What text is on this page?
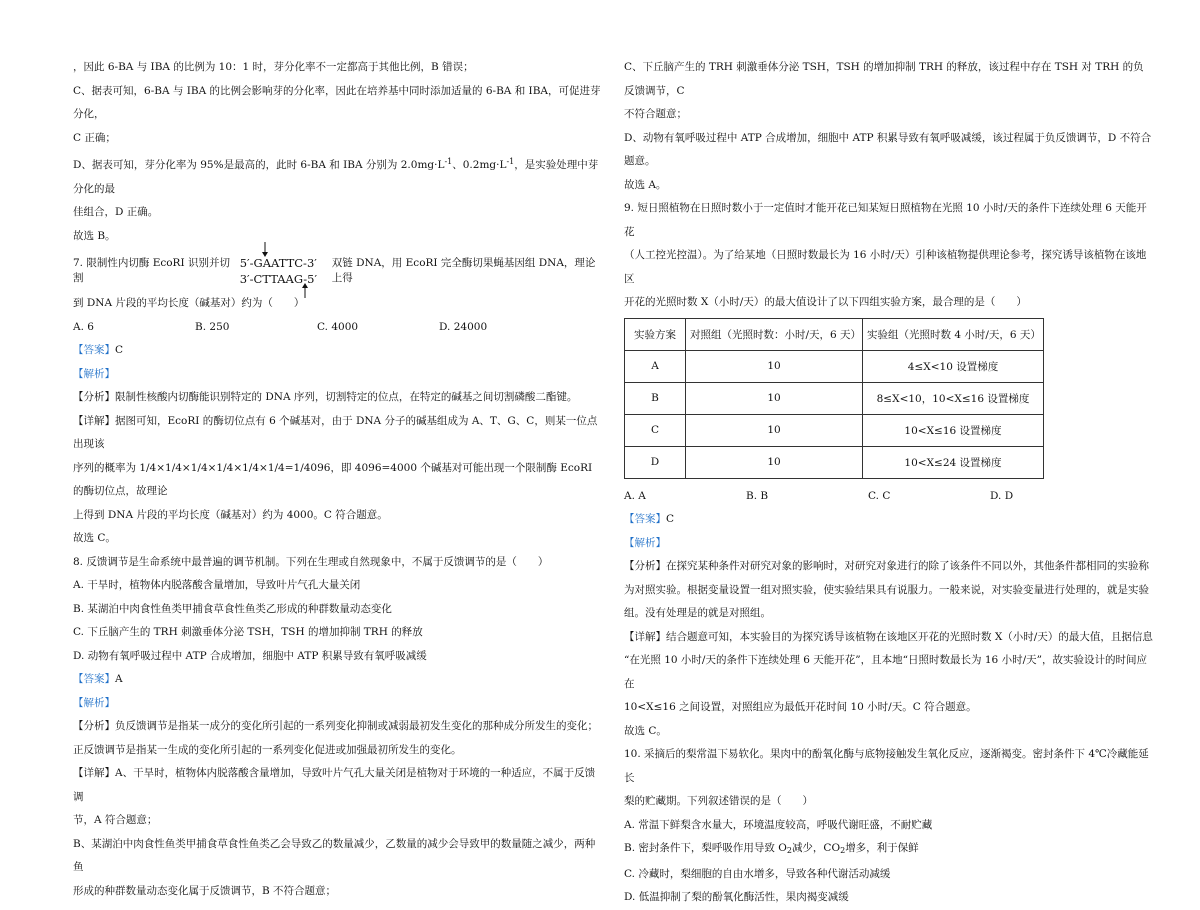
，因此 6-BA 与 IBA 的比例为 10：1 时，芽分化率不一定都高于其他比例，B 错误；

C、据表可知，6-BA 与 IBA 的比例会影响芽的分化率，因此在培养基中同时添加适量的 6-BA 和 IBA，可促进芽分化，

C 正确；

D、据表可知，芽分化率为 95%是最高的，此时 6-BA 和 IBA 分别为 $2.0mg\cdot L^{-1}$、$0.2mg\cdot L^{-1}$，是实验处理中芽分化的最

佳组合，D 正确。

故选 B。

7. 限制性内切酶 EcoRI 识别并切割
5′-GAATTC-3′
3′-CTTAAG-5′
双链 DNA，用 EcoRI 完全酶切果蝇基因组 DNA，理论上得

到 DNA 片段的平均长度（碱基对）约为（　　）

A. 6	B. 250	C. 4000	D. 24000

【答案】C

【解析】

【分析】限制性核酸内切酶能识别特定的 DNA 序列，切割特定的位点，在特定的碱基之间切割磷酸二酯键。

【详解】据图可知，EcoRI 的酶切位点有 6 个碱基对，由于 DNA 分子的碱基组成为 A、T、G、C，则某一位点出现该

序列的概率为 1/4×1/4×1/4×1/4×1/4×1/4=1/4096，即 4096=4000 个碱基对可能出现一个限制酶 EcoRI 的酶切位点，故理论

上得到 DNA 片段的平均长度（碱基对）约为 4000。C 符合题意。

故选 C。

8. 反馈调节是生命系统中最普遍的调节机制。下列在生理或自然现象中，不属于反馈调节的是（　　）

A. 干旱时，植物体内脱落酸含量增加，导致叶片气孔大量关闭

B. 某湖泊中肉食性鱼类甲捕食草食性鱼类乙形成的种群数量动态变化

C. 下丘脑产生的 TRH 刺激垂体分泌 TSH，TSH 的增加抑制 TRH 的释放

D. 动物有氧呼吸过程中 ATP 合成增加，细胞中 ATP 积累导致有氧呼吸减缓

【答案】A

【解析】

【分析】负反馈调节是指某一成分的变化所引起的一系列变化抑制或减弱最初发生变化的那种成分所发生的变化；

正反馈调节是指某一生成的变化所引起的一系列变化促进或加强最初所发生的变化。

【详解】A、干旱时，植物体内脱落酸含量增加，导致叶片气孔大量关闭是植物对于环境的一种适应，不属于反馈调

节，A 符合题意；

B、某湖泊中肉食性鱼类甲捕食草食性鱼类乙会导致乙的数量减少，乙数量的减少会导致甲的数量随之减少，两种鱼

形成的种群数量动态变化属于反馈调节，B 不符合题意；

C、下丘脑产生的 TRH 刺激垂体分泌 TSH，TSH 的增加抑制 TRH 的释放，该过程中存在 TSH 对 TRH 的负反馈调节，C

不符合题意；

D、动物有氧呼吸过程中 ATP 合成增加，细胞中 ATP 积累导致有氧呼吸减缓，该过程属于负反馈调节，D 不符合题意。

故选 A。

9. 短日照植物在日照时数小于一定值时才能开花已知某短日照植物在光照 10 小时/天的条件下连续处理 6 天能开花

（人工控光控温）。为了给某地（日照时数最长为 16 小时/天）引种该植物提供理论参考，探究诱导该植物在该地区

开花的光照时数 X（小时/天）的最大值设计了以下四组实验方案，最合理的是（　　）

实验方案	对照组（光照时数：小时/天，6 天）	实验组（光照时数 4 小时/天，6 天）
A	10	4≤X<10 设置梯度
B	10	8≤X<10，10<X≤16 设置梯度
C	10	10<X≤16 设置梯度
D	10	10<X≤24 设置梯度
A. A	B. B	C. C	D. D

【答案】C

【解析】

【分析】在探究某种条件对研究对象的影响时，对研究对象进行的除了该条件不同以外，其他条件都相同的实验称

为对照实验。根据变量设置一组对照实验，使实验结果具有说服力。一般来说，对实验变量进行处理的，就是实验

组。没有处理是的就是对照组。

【详解】结合题意可知，本实验目的为探究诱导该植物在该地区开花的光照时数 X（小时/天）的最大值，且据信息

“在光照 10 小时/天的条件下连续处理 6 天能开花”，且本地“日照时数最长为 16 小时/天”，故实验设计的时间应在

10<X≤16 之间设置，对照组应为最低开花时间 10 小时/天。C 符合题意。

故选 C。

10. 采摘后的梨常温下易软化。果肉中的酚氧化酶与底物接触发生氧化反应，逐渐褐变。密封条件下 4℃冷藏能延长

梨的贮藏期。下列叙述错误的是（　　）

A. 常温下鲜梨含水量大，环境温度较高，呼吸代谢旺盛，不耐贮藏

B. 密封条件下，梨呼吸作用导致 $O_2$减少，$CO_2$增多，利于保鲜

C. 冷藏时，梨细胞的自由水增多，导致各种代谢活动减缓

D. 低温抑制了梨的酚氧化酶活性，果肉褐变减缓
